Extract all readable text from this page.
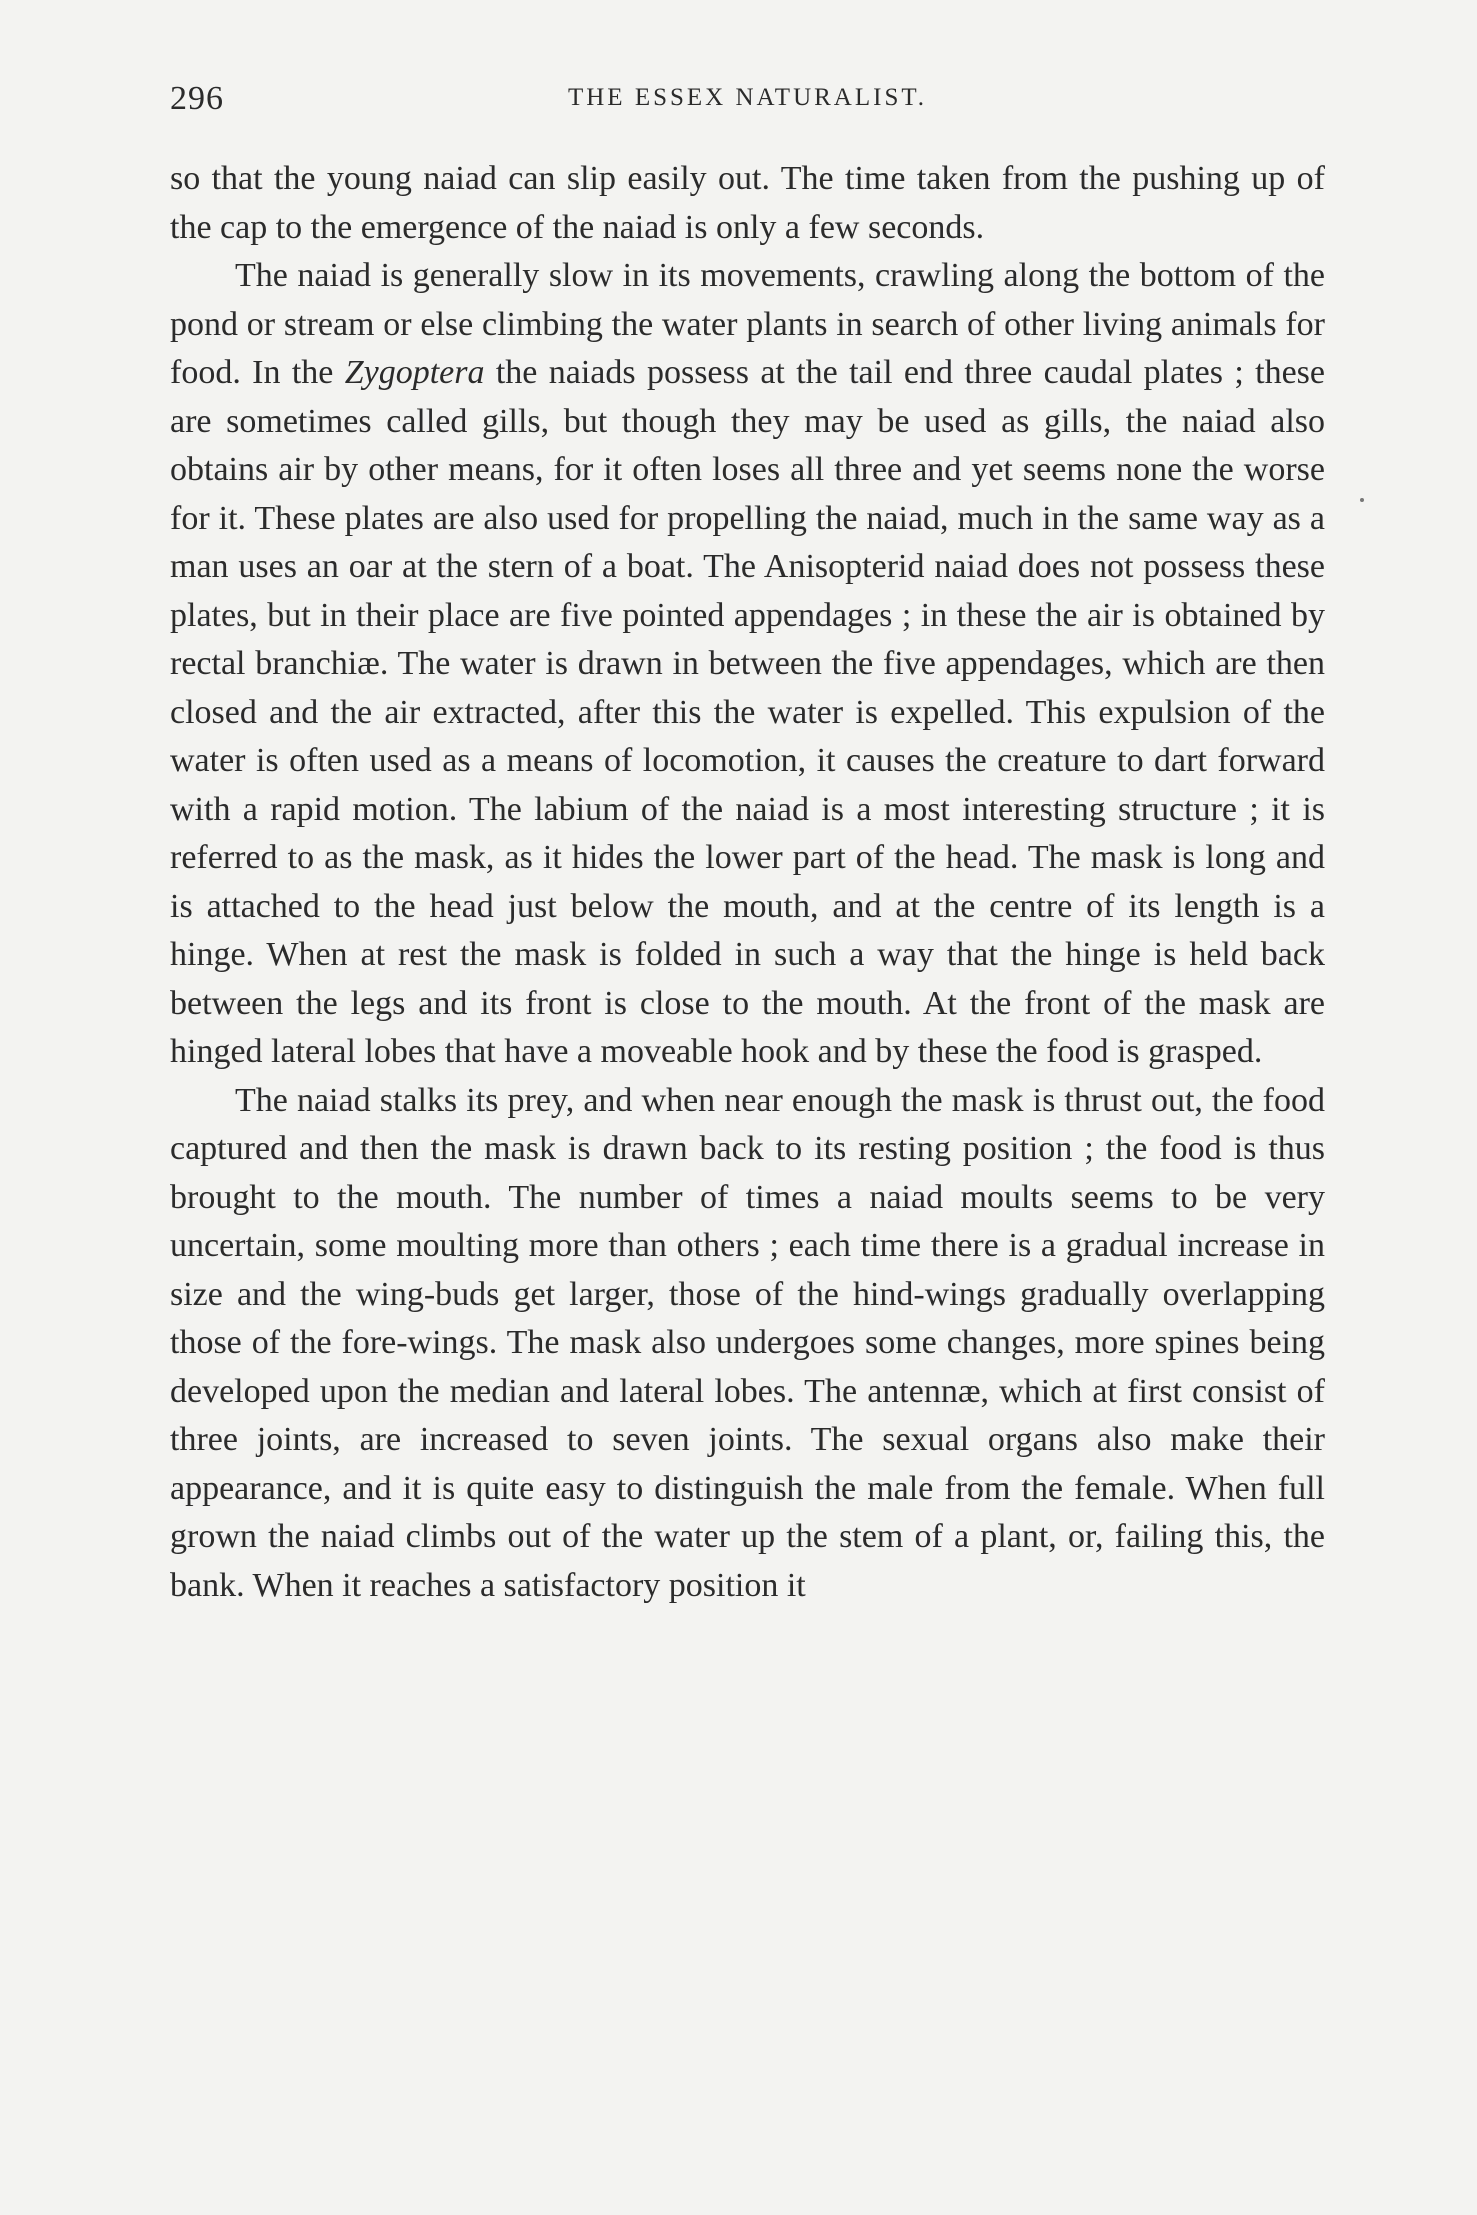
296	THE ESSEX NATURALIST.

so that the young naiad can slip easily out. The time taken from the pushing up of the cap to the emergence of the naiad is only a few seconds.

The naiad is generally slow in its movements, crawling along the bottom of the pond or stream or else climbing the water plants in search of other living animals for food. In the Zygoptera the naiads possess at the tail end three caudal plates ; these are sometimes called gills, but though they may be used as gills, the naiad also obtains air by other means, for it often loses all three and yet seems none the worse for it. These plates are also used for propelling the naiad, much in the same way as a man uses an oar at the stern of a boat. The Anisopterid naiad does not possess these plates, but in their place are five pointed appendages ; in these the air is obtained by rectal branchiæ. The water is drawn in between the five appendages, which are then closed and the air extracted, after this the water is expelled. This expulsion of the water is often used as a means of locomotion, it causes the creature to dart forward with a rapid motion. The labium of the naiad is a most interesting structure ; it is referred to as the mask, as it hides the lower part of the head. The mask is long and is attached to the head just below the mouth, and at the centre of its length is a hinge. When at rest the mask is folded in such a way that the hinge is held back between the legs and its front is close to the mouth. At the front of the mask are hinged lateral lobes that have a moveable hook and by these the food is grasped.

The naiad stalks its prey, and when near enough the mask is thrust out, the food captured and then the mask is drawn back to its resting position ; the food is thus brought to the mouth. The number of times a naiad moults seems to be very uncertain, some moulting more than others ; each time there is a gradual increase in size and the wing-buds get larger, those of the hind-wings gradually overlapping those of the fore-wings. The mask also undergoes some changes, more spines being developed upon the median and lateral lobes. The antennæ, which at first consist of three joints, are increased to seven joints. The sexual organs also make their appearance, and it is quite easy to distinguish the male from the female. When full grown the naiad climbs out of the water up the stem of a plant, or, failing this, the bank. When it reaches a satisfactory position it
